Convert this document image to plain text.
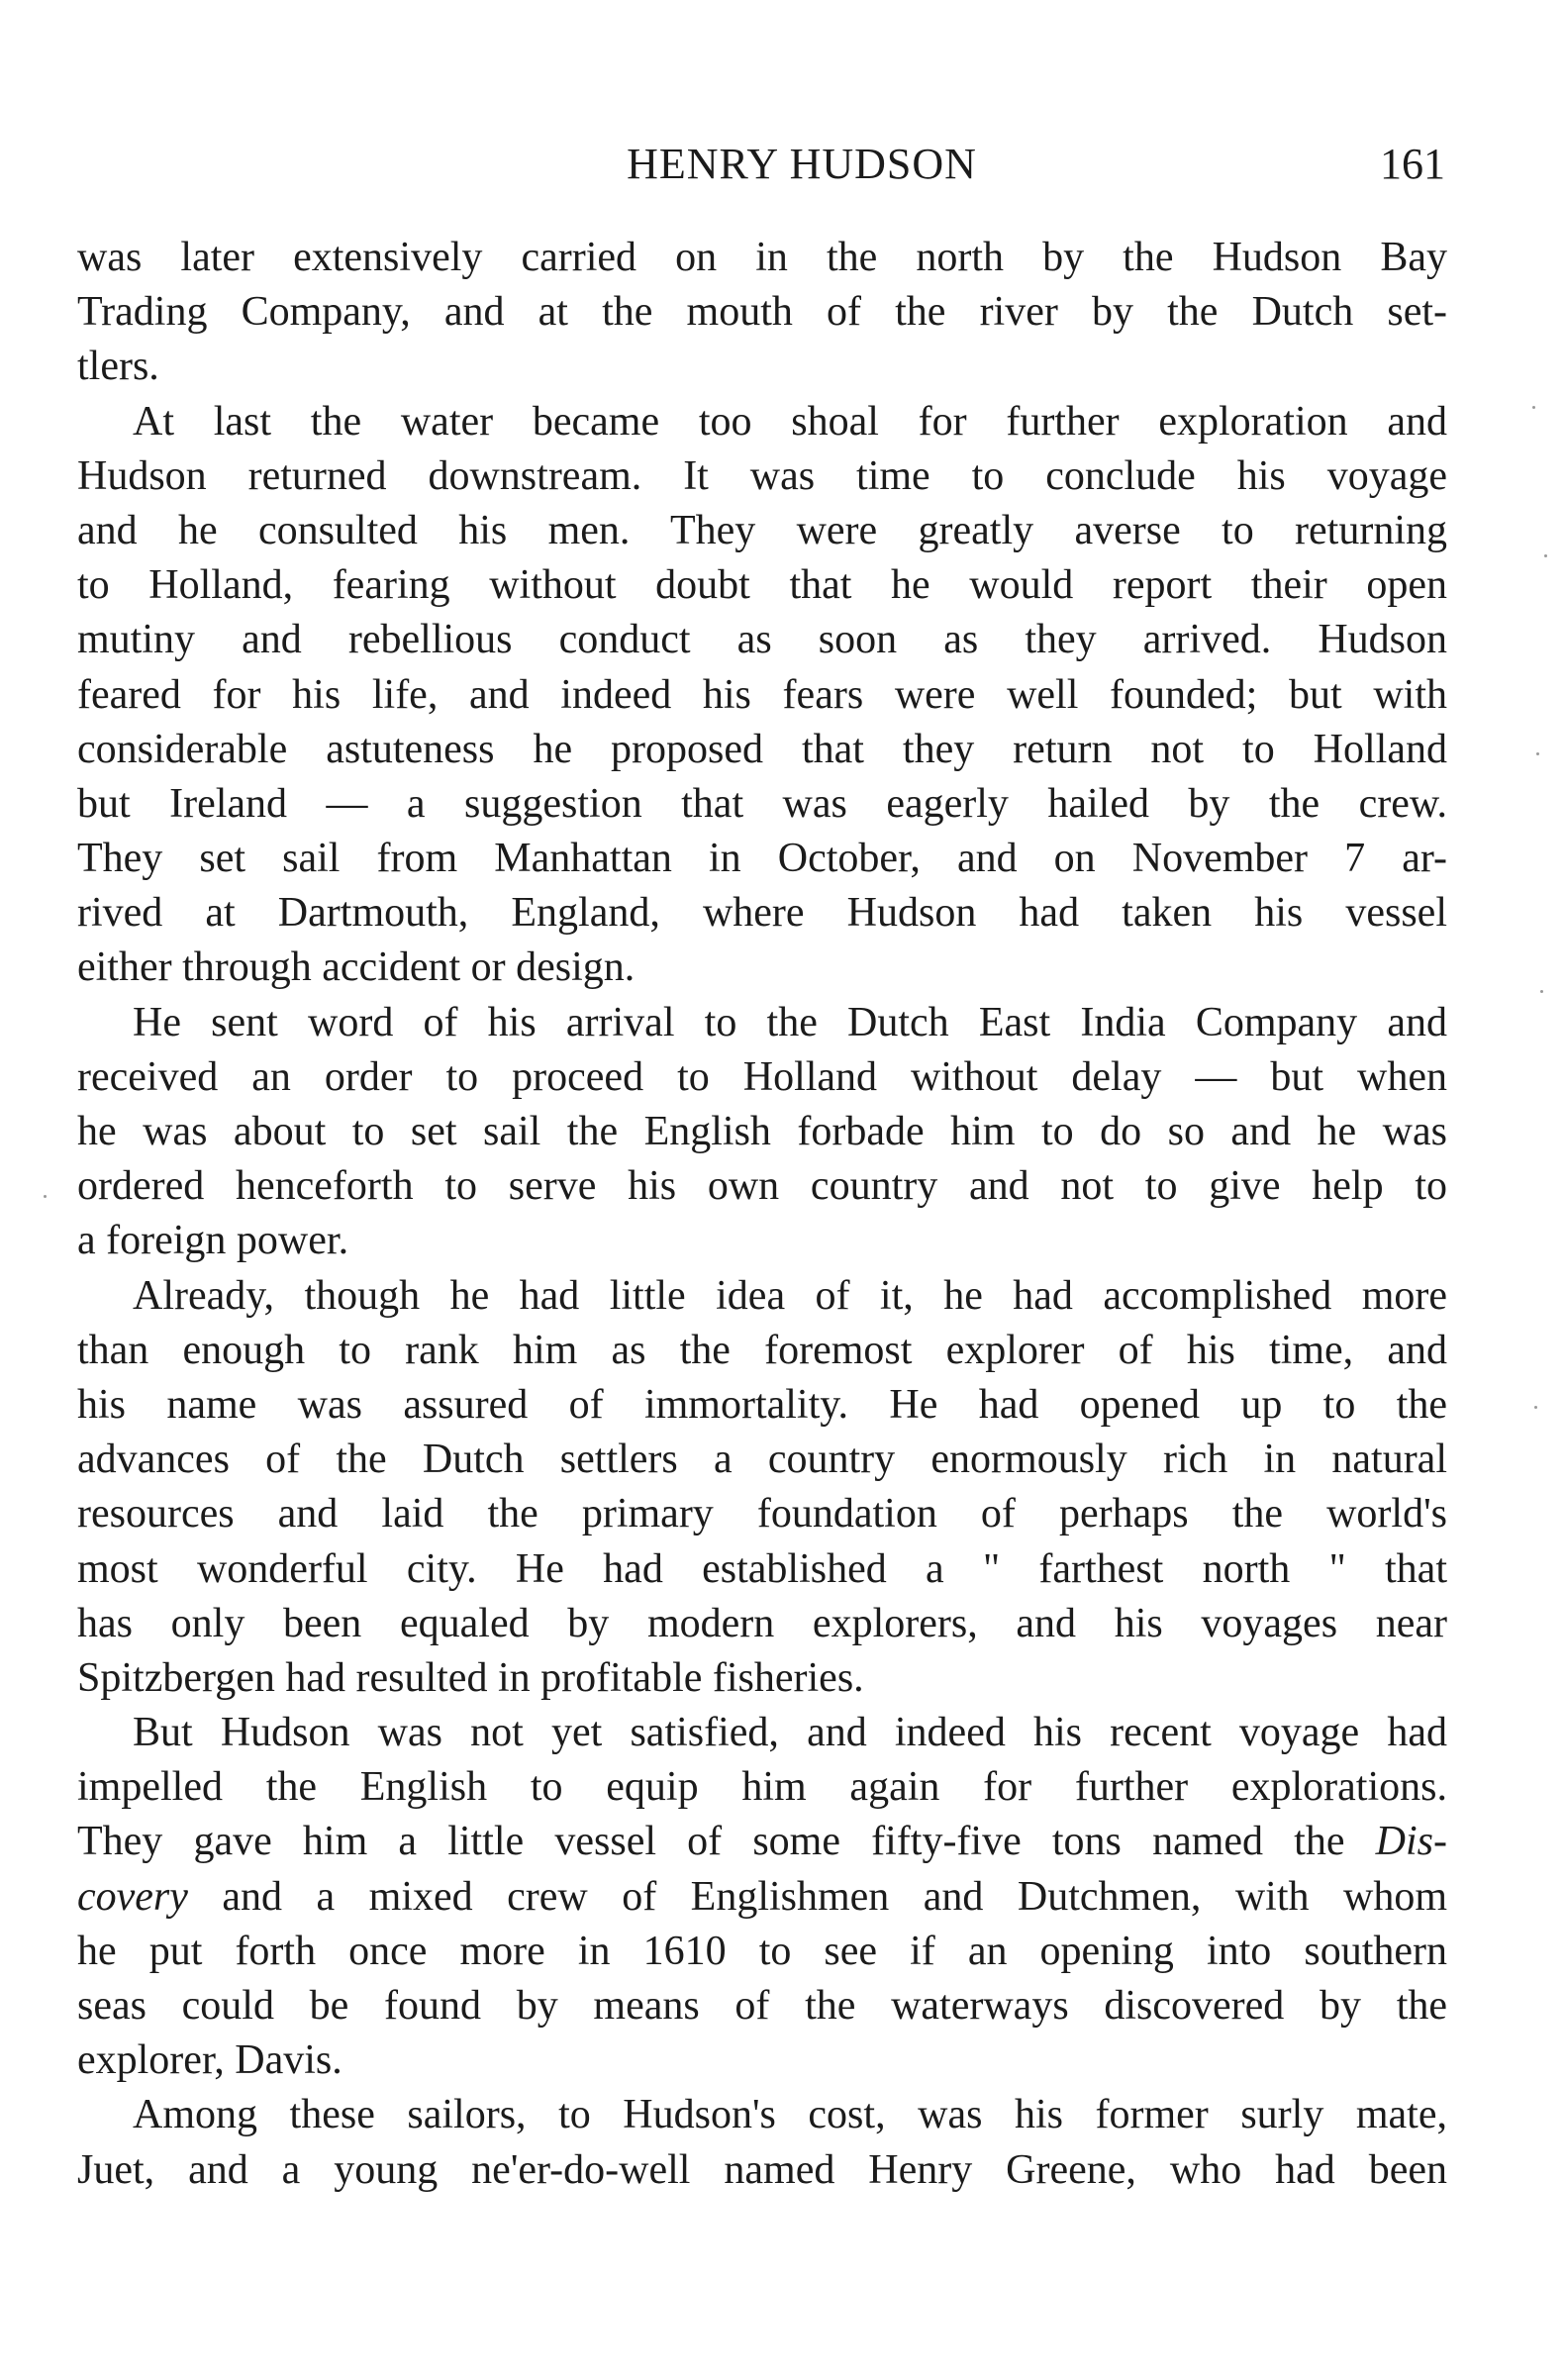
HENRY HUDSON	161
was later extensively carried on in the north by the Hudson Bay
Trading Company, and at the mouth of the river by the Dutch set-
tlers.
At last the water became too shoal for further exploration and
Hudson returned downstream. It was time to conclude his voyage
and he consulted his men. They were greatly averse to returning
to Holland, fearing without doubt that he would report their open
mutiny and rebellious conduct as soon as they arrived. Hudson
feared for his life, and indeed his fears were well founded; but with
considerable astuteness he proposed that they return not to Holland
but Ireland — a suggestion that was eagerly hailed by the crew.
They set sail from Manhattan in October, and on November 7 ar-
rived at Dartmouth, England, where Hudson had taken his vessel
either through accident or design.
He sent word of his arrival to the Dutch East India Company and
received an order to proceed to Holland without delay — but when
he was about to set sail the English forbade him to do so and he was
ordered henceforth to serve his own country and not to give help to
a foreign power.
Already, though he had little idea of it, he had accomplished more
than enough to rank him as the foremost explorer of his time, and
his name was assured of immortality. He had opened up to the
advances of the Dutch settlers a country enormously rich in natural
resources and laid the primary foundation of perhaps the world's
most wonderful city. He had established a " farthest north " that
has only been equaled by modern explorers, and his voyages near
Spitzbergen had resulted in profitable fisheries.
But Hudson was not yet satisfied, and indeed his recent voyage had
impelled the English to equip him again for further explorations.
They gave him a little vessel of some fifty-five tons named the Dis-
covery and a mixed crew of Englishmen and Dutchmen, with whom
he put forth once more in 1610 to see if an opening into southern
seas could be found by means of the waterways discovered by the
explorer, Davis.
Among these sailors, to Hudson's cost, was his former surly mate,
Juet, and a young ne'er-do-well named Henry Greene, who had been
